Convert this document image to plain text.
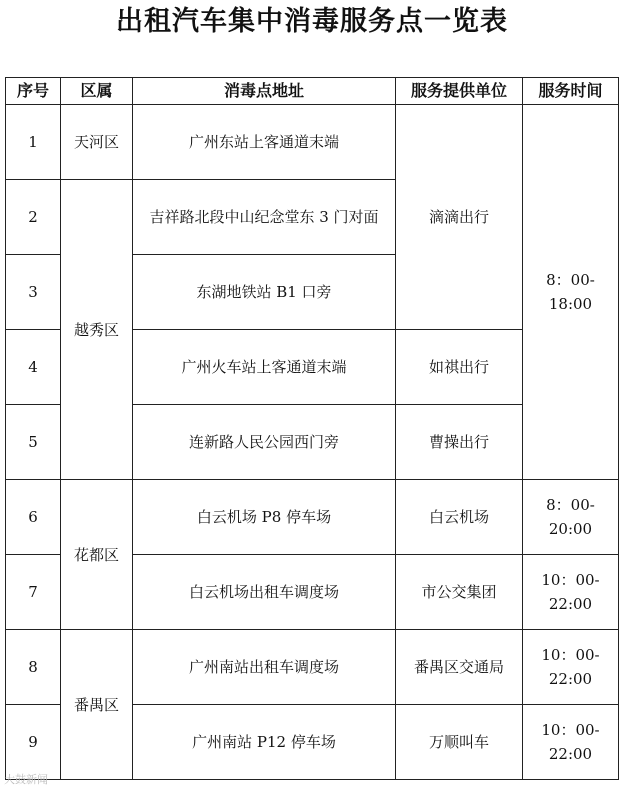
出租汽车集中消毒服务点一览表
序号	区属	消毒点地址	服务提供单位	服务时间
1	天河区	广州东站上客通道末端	滴滴出行	8：00-18:00
2	越秀区	吉祥路北段中山纪念堂东 3 门对面		
3		东湖地铁站 B1 口旁		
4		广州火车站上客通道末端	如祺出行	
5		连新路人民公园西门旁	曹操出行	
6	花都区	白云机场 P8 停车场	白云机场	8：00-20:00
7		白云机场出租车调度场	市公交集团	10：00-22:00
8	番禺区	广州南站出租车调度场	番禺区交通局	10：00-22:00
9		广州南站 P12 停车场	万顺叫车	10：00-22:00
大鼓新闻
